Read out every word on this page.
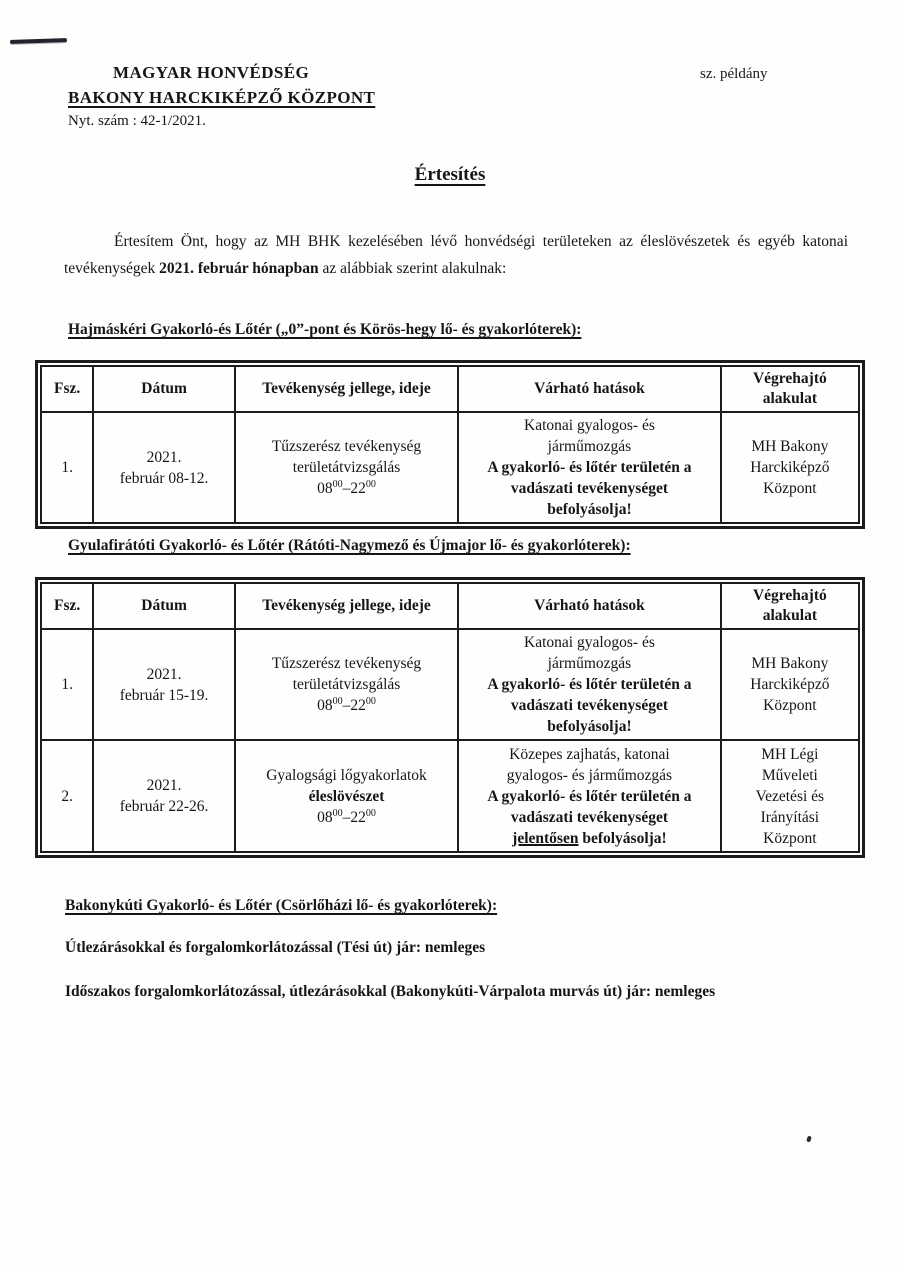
MAGYAR HONVÉDSÉG
BAKONY HARCKIKÉPZŐ KÖZPONT
Nyt. szám : 42-1/2021.
sz. példány
Értesítés

Értesítem Önt, hogy az MH BHK kezelésében lévő honvédségi területeken az éleslövészetek és egyéb katonai tevékenységek 2021. február hónapban az alábbiak szerint alakulnak:

Hajmáskéri Gyakorló-és Lőtér („0”-pont és Körös-hegy lő- és gyakorlóterek):
Fsz.	Dátum	Tevékenység jellege, ideje	Várható hatások	Végrehajtó alakulat
1.	2021.
február 08-12.	Tűzszerész tevékenység
területátvizsgálás
$08^{00}-22^{00}$	Katonai gyalogos- és
járműmozgás
A gyakorló- és lőtér területén a
vadászati tevékenységet
befolyásolja!	MH Bakony
Harckiképző
Központ
Gyulafirátóti Gyakorló- és Lőtér (Rátóti-Nagymező és Újmajor lő- és gyakorlóterek):
Fsz.	Dátum	Tevékenység jellege, ideje	Várható hatások	Végrehajtó alakulat
1.	2021.
február 15-19.	Tűzszerész tevékenység
területátvizsgálás
$08^{00}-22^{00}$	Katonai gyalogos- és
járműmozgás
A gyakorló- és lőtér területén a
vadászati tevékenységet
befolyásolja!	MH Bakony
Harckiképző
Központ

2.	2021.
február 22-26.	Gyalogsági lőgyakorlatok
éleslövészet
$08^{00}-22^{00}$	Közepes zajhatás, katonai
gyalogos- és járműmozgás
A gyakorló- és lőtér területén a
vadászati tevékenységet
jelentősen befolyásolja!	MH Légi
Műveleti
Vezetési és
Irányítási
Központ
Bakonykúti Gyakorló- és Lőtér (Csörlőházi lő- és gyakorlóterek):
Útlezárásokkal és forgalomkorlátozással (Tési út) jár: nemleges
Időszakos forgalomkorlátozással, útlezárásokkal (Bakonykúti-Várpalota murvás út) jár: nemleges
